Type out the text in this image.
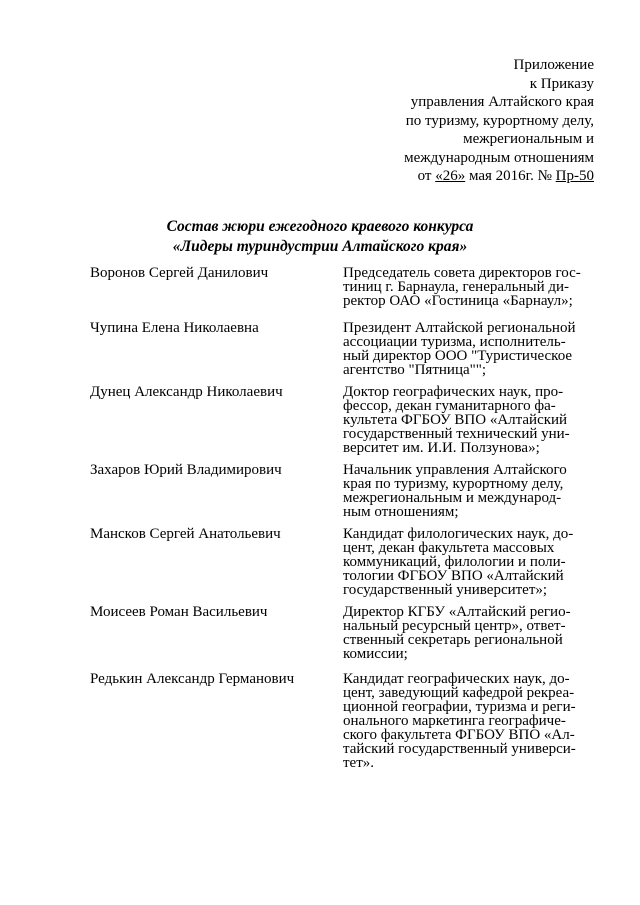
Приложение
к Приказу
управления Алтайского края
по туризму, курортному делу,
межрегиональным и
международным отношениям
от «26» мая 2016г. № Пр-50
Состав жюри ежегодного краевого конкурса
«Лидеры туриндустрии Алтайского края»
Воронов Сергей Данилович	Председатель совета директоров гос-
тиниц г. Барнаула, генеральный ди-
ректор ОАО «Гостиница «Барнаул»;
Чупина Елена Николаевна	Президент Алтайской региональной
ассоциации туризма, исполнитель-
ный директор ООО "Туристическое
агентство "Пятница"";
Дунец Александр Николаевич	Доктор географических наук, про-
фессор, декан гуманитарного фа-
культета ФГБОУ ВПО «Алтайский
государственный технический уни-
верситет им. И.И. Ползунова»;
Захаров Юрий Владимирович	Начальник управления Алтайского
края по туризму, курортному делу,
межрегиональным и международ-
ным отношениям;
Мансков Сергей Анатольевич	Кандидат филологических наук, до-
цент, декан факультета массовых
коммуникаций, филологии и поли-
тологии ФГБОУ ВПО «Алтайский
государственный университет»;
Моисеев Роман Васильевич	Директор КГБУ «Алтайский регио-
нальный ресурсный центр», ответ-
ственный секретарь региональной
комиссии;
Редькин Александр Германович	Кандидат географических наук, до-
цент, заведующий кафедрой рекреа-
ционной географии, туризма и реги-
онального маркетинга географиче-
ского факультета ФГБОУ ВПО «Ал-
тайский государственный универси-
тет».
